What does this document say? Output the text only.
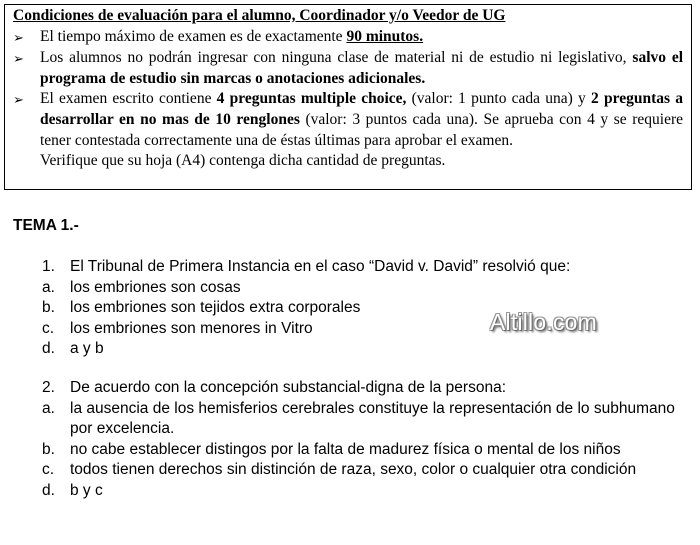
Condiciones de evaluación para el alumno, Coordinador y/o Veedor de UG
➢	El tiempo máximo de examen es de exactamente 90 minutos.
➢	Los alumnos no podrán ingresar con ninguna clase de material ni de estudio ni legislativo, salvo el programa de estudio sin marcas o anotaciones adicionales.
➢	El examen escrito contiene 4 preguntas multiple choice, (valor: 1 punto cada una) y 2 preguntas a desarrollar en no mas de 10 renglones (valor: 3 puntos cada una). Se aprueba con 4 y se requiere tener contestada correctamente una de éstas últimas para aprobar el examen.
Verifique que su hoja (A4) contenga dicha cantidad de preguntas.
TEMA 1.-
1. El Tribunal de Primera Instancia en el caso “David v. David” resolvió que:
a. los embriones son cosas
b. los embriones son tejidos extra corporales
c.	los embriones son menores in Vitro
d. a y b
Altillo.com
2. De acuerdo con la concepción substancial-digna de la persona:
a. la ausencia de los hemisferios cerebrales constituye la representación de lo subhumano por excelencia.
b. no cabe establecer distingos por la falta de madurez física o mental de los niños
c.	todos tienen derechos sin distinción de raza, sexo, color o cualquier otra condición
d. b y c
